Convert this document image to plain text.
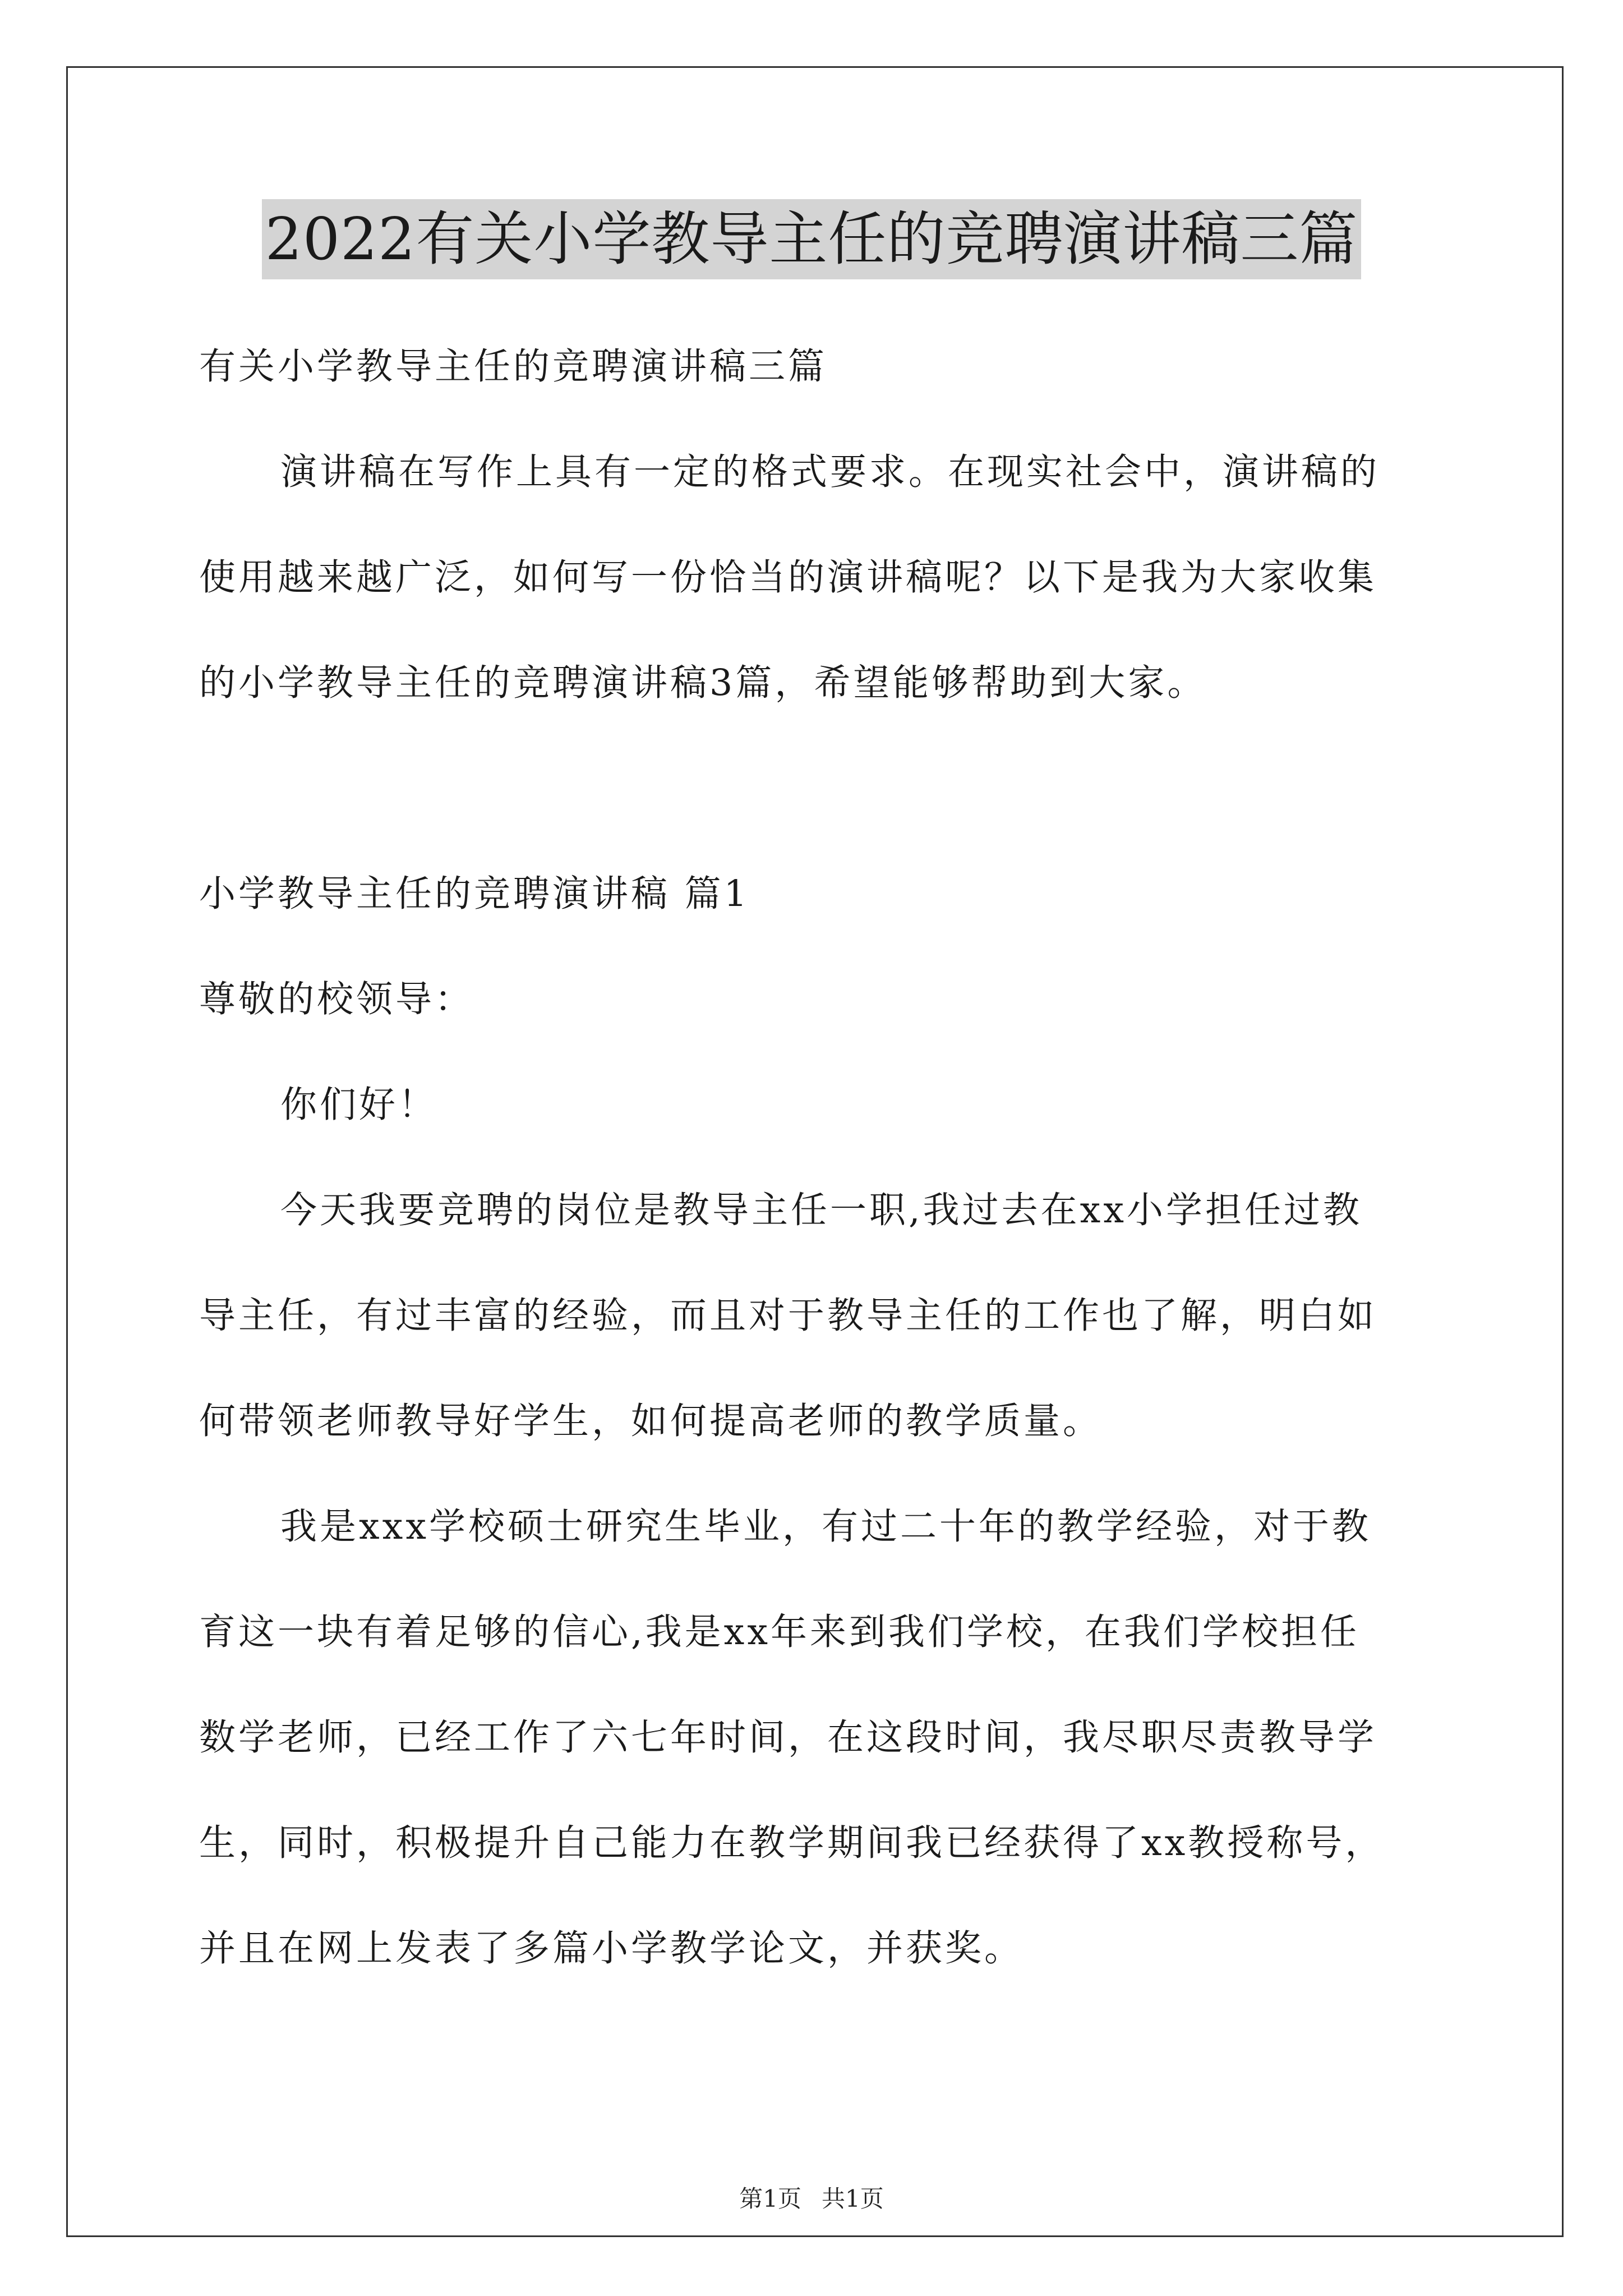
2022有关小学教导主任的竞聘演讲稿三篇
有关小学教导主任的竞聘演讲稿三篇
演讲稿在写作上具有一定的格式要求。在现实社会中，演讲稿的
使用越来越广泛，如何写一份恰当的演讲稿呢？以下是我为大家收集
的小学教导主任的竞聘演讲稿3篇，希望能够帮助到大家。
小学教导主任的竞聘演讲稿 篇1
尊敬的校领导：
你们好！
今天我要竞聘的岗位是教导主任一职,我过去在xx小学担任过教
导主任，有过丰富的经验，而且对于教导主任的工作也了解，明白如
何带领老师教导好学生，如何提高老师的教学质量。
我是xxx学校硕士研究生毕业，有过二十年的教学经验，对于教
育这一块有着足够的信心,我是xx年来到我们学校，在我们学校担任
数学老师，已经工作了六七年时间，在这段时间，我尽职尽责教导学
生，同时，积极提升自己能力在教学期间我已经获得了xx教授称号，
并且在网上发表了多篇小学教学论文，并获奖。
第1页 共1页
